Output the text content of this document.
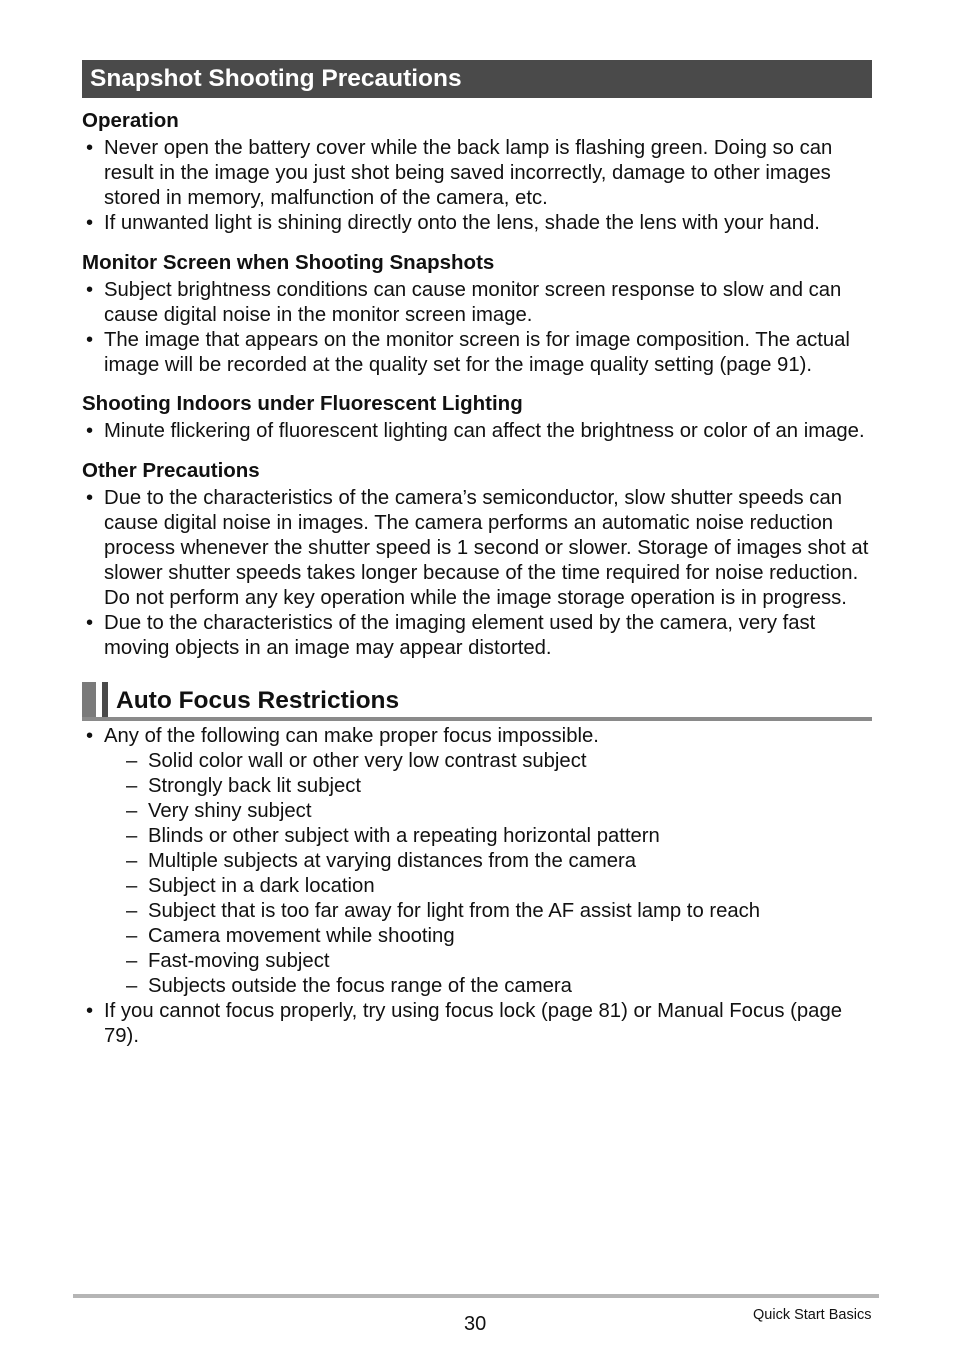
Snapshot Shooting Precautions
Operation
• Never open the battery cover while the back lamp is flashing green. Doing so can result in the image you just shot being saved incorrectly, damage to other images stored in memory, malfunction of the camera, etc.
• If unwanted light is shining directly onto the lens, shade the lens with your hand.
Monitor Screen when Shooting Snapshots
• Subject brightness conditions can cause monitor screen response to slow and can cause digital noise in the monitor screen image.
• The image that appears on the monitor screen is for image composition. The actual image will be recorded at the quality set for the image quality setting (page 91).
Shooting Indoors under Fluorescent Lighting
• Minute flickering of fluorescent lighting can affect the brightness or color of an image.
Other Precautions
• Due to the characteristics of the camera’s semiconductor, slow shutter speeds can cause digital noise in images. The camera performs an automatic noise reduction process whenever the shutter speed is 1 second or slower. Storage of images shot at slower shutter speeds takes longer because of the time required for noise reduction. Do not perform any key operation while the image storage operation is in progress.
• Due to the characteristics of the imaging element used by the camera, very fast moving objects in an image may appear distorted.
Auto Focus Restrictions
• Any of the following can make proper focus impossible.
– Solid color wall or other very low contrast subject
– Strongly back lit subject
– Very shiny subject
– Blinds or other subject with a repeating horizontal pattern
– Multiple subjects at varying distances from the camera
– Subject in a dark location
– Subject that is too far away for light from the AF assist lamp to reach
– Camera movement while shooting
– Fast-moving subject
– Subjects outside the focus range of the camera
• If you cannot focus properly, try using focus lock (page 81) or Manual Focus (page 79).
30	Quick Start Basics
